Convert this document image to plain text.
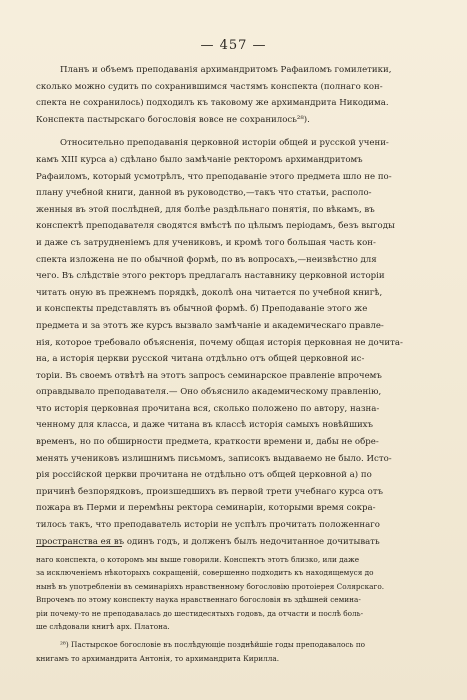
— 457 —
Планъ и объемъ преподаванія архимандритомъ Рафаиломъ гомилетики,
сколько можно судить по сохранившимся частямъ конспекта (полнаго кон-
спекта не сохранилось) подходилъ къ таковому же архимандрита Никодима.
Конспекта пастырскаго богословія вовсе не сохранилось²⁸).
Относительно преподаванія церковной исторіи общей и русской учени-
камъ XIII курса а) сдѣлано было замѣчаніе ректоромъ архимандритомъ
Рафаиломъ, который усмотрѣлъ, что преподаваніе этого предмета шло не по-
плану учебной книги, данной въ руководство,—такъ что статьи, располо-
женныя въ этой послѣдней, для болѣе раздѣльнаго понятія, по вѣкамъ, въ
конспектѣ преподавателя сводятся вмѣстѣ по цѣлымъ періодамъ, безъ выгоды
и даже съ затрудненіемъ для учениковъ, и кромѣ того большая часть кон-
спекта изложена не по обычной формѣ, по въ вопросахъ,—неизвѣстно для
чего. Въ слѣдствіе этого ректоръ предлагалъ наставнику церковной исторіи
читать оную въ прежнемъ порядкѣ, доколѣ она читается по учебной книгѣ,
и конспекты представлять въ обычной формѣ. б) Преподаваніе этого же
предмета и за этотъ же курсъ вызвало замѣчаніе и академическаго правле-
нія, которое требовало объясненія, почему общая исторія церковная не дочита-
на, а исторія церкви русской читана отдѣльно отъ общей церковной ис-
торіи. Въ своемъ отвѣтѣ на этотъ запросъ семинарское правленіе впрочемъ
оправдывало преподавателя.— Оно объяснило академическому правленію,
что исторія церковная прочитана вся, сколько положено по автору, назна-
ченному для класса, и даже читана въ классѣ исторія самыхъ новѣйшихъ
временъ, но по обширности предмета, краткости времени и, дабы не обре-
менять учениковъ излишнимъ письмомъ, записокъ выдаваемо не было. Исто-
рія россійской церкви прочитана не отдѣльно отъ общей церковной а) по
причинѣ безпорядковъ, произшедшихъ въ первой трети учебнаго курса отъ
пожара въ Перми и перемѣны ректора семинаріи, которыми время сокра-
тилось такъ, что преподаватель исторіи не успѣлъ прочитать положеннаго
пространства ея въ одинъ годъ, и долженъ былъ недочитанное дочитывать
наго конспекта, о которомъ мы выше говорили. Конспектъ этотъ близко, или даже
за исключеніемъ нѣкоторыхъ сокращеній, совершенно подходитъ къ находящемуся до
нынѣ въ употребленіи въ семинаріяхъ нравственному богословію протоіерея Солярскаго.
Впрочемъ по этому конспекту наука нравственнаго богословія въ здѣшней семина-
ріи почему-то не преподавалась до шестидесятыхъ годовъ, да отчасти и послѣ боль-
ше слѣдовали книгѣ арх. Платона.
²⁸) Пастырское богословіе въ послѣдующіе позднѣйшіе годы преподавалось по
книгамъ то архимандрита Антонія, то архимандрита Кирилла.
